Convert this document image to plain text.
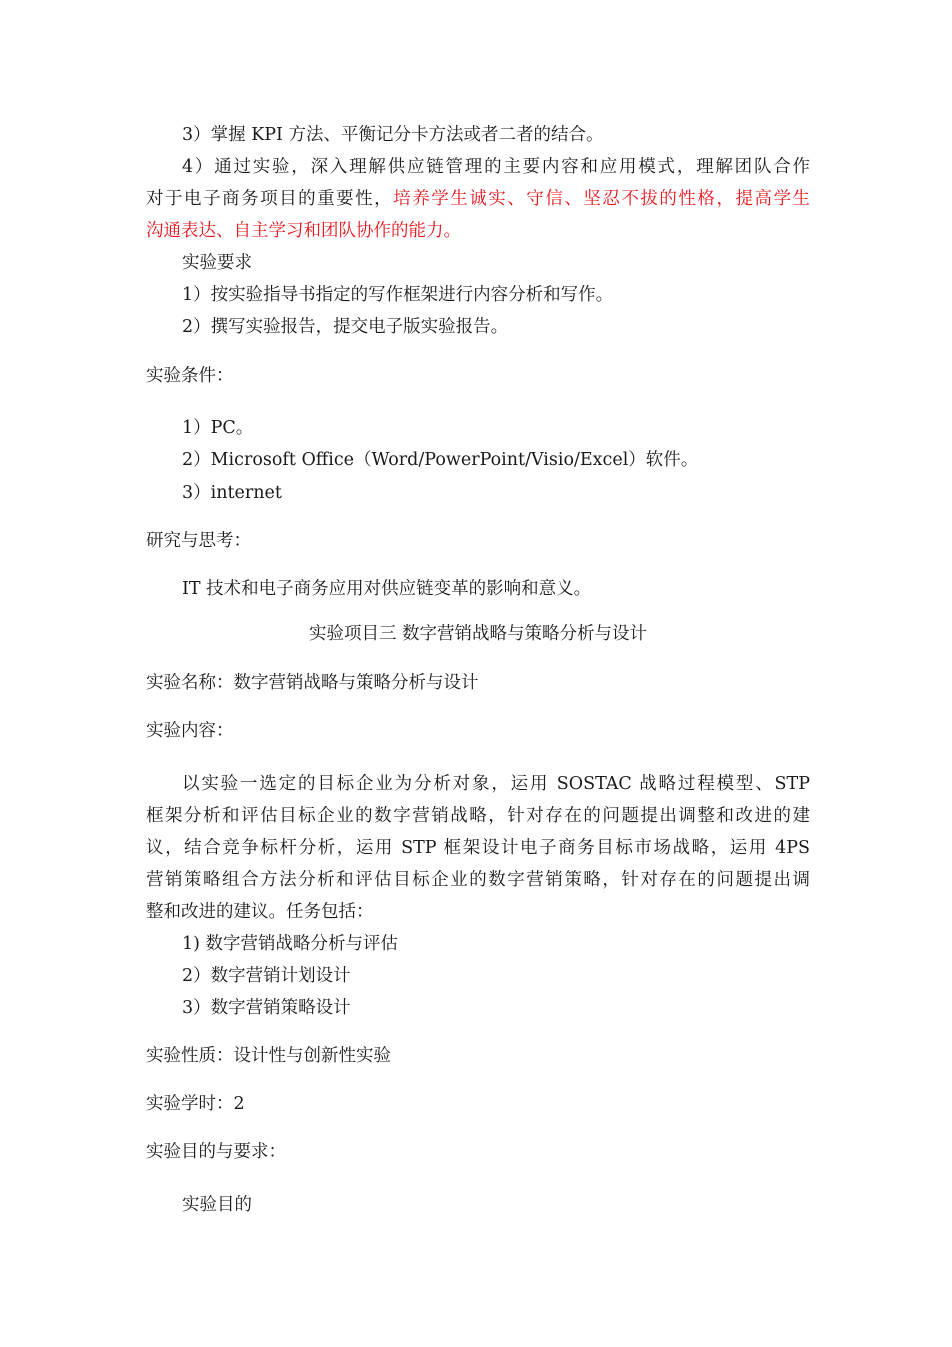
3）掌握 KPI 方法、平衡记分卡方法或者二者的结合。
4）通过实验，深入理解供应链管理的主要内容和应用模式，理解团队合作
对于电子商务项目的重要性，培养学生诚实、守信、坚忍不拔的性格，提高学生
沟通表达、自主学习和团队协作的能力。
实验要求
1）按实验指导书指定的写作框架进行内容分析和写作。
2）撰写实验报告，提交电子版实验报告。
实验条件：
1）PC。
2）Microsoft Office（Word/PowerPoint/Visio/Excel）软件。
3）internet
研究与思考：
IT 技术和电子商务应用对供应链变革的影响和意义。
实验项目三 数字营销战略与策略分析与设计
实验名称：数字营销战略与策略分析与设计
实验内容：
以实验一选定的目标企业为分析对象，运用 SOSTAC 战略过程模型、STP
框架分析和评估目标企业的数字营销战略，针对存在的问题提出调整和改进的建
议，结合竞争标杆分析，运用 STP 框架设计电子商务目标市场战略，运用 4PS
营销策略组合方法分析和评估目标企业的数字营销策略，针对存在的问题提出调
整和改进的建议。任务包括：
1) 数字营销战略分析与评估
2）数字营销计划设计
3）数字营销策略设计
实验性质：设计性与创新性实验
实验学时：2
实验目的与要求：
实验目的
